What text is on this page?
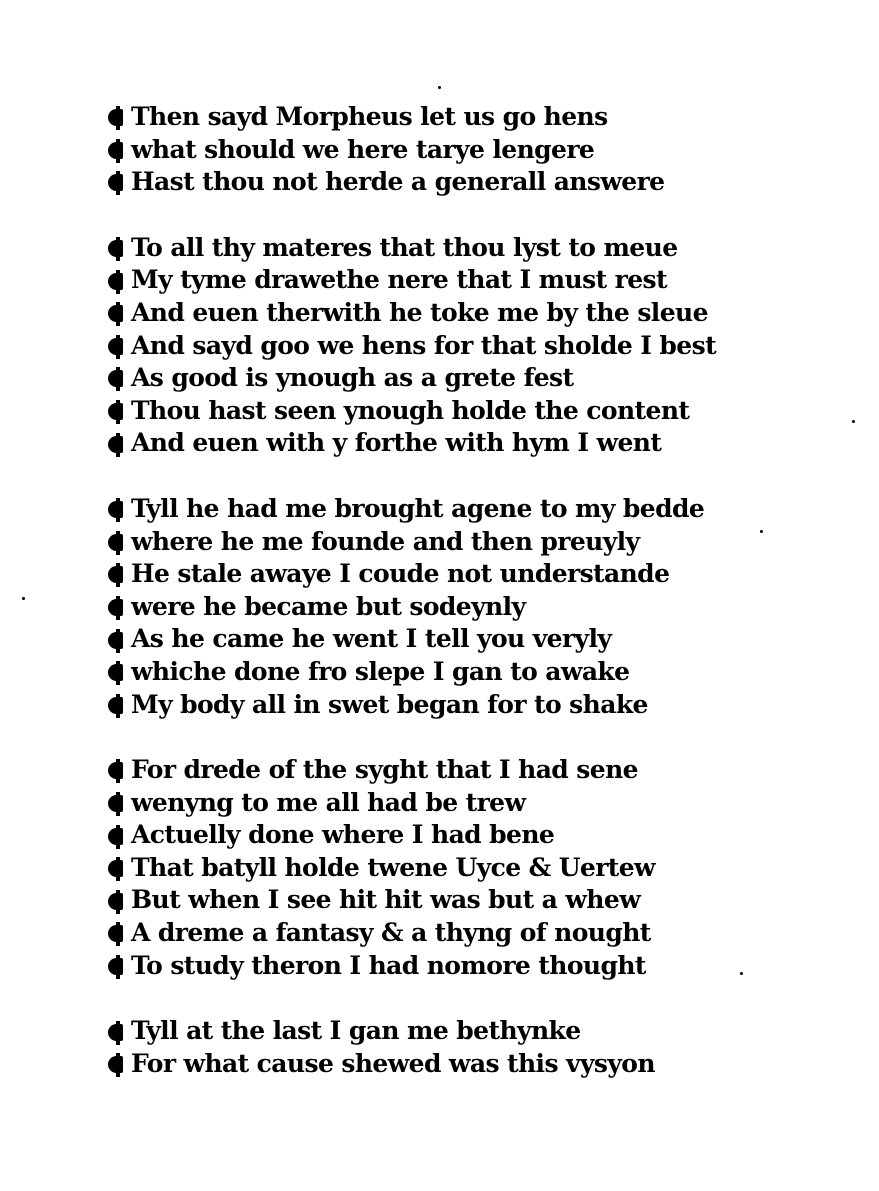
Then sayd Morpheus let us go hens
what should we here tarye lengere
Hast thou not herde a generall answere
To all thy materes that thou lyst to meue
My tyme drawethe nere that I must rest
And euen therwith he toke me by the sleue
And sayd goo we hens for that sholde I best
As good is ynough as a grete fest
Thou hast seen ynough holde the content
And euen with y forthe with hym I went
Tyll he had me brought agene to my bedde
where he me founde and then preuyly
He stale awaye I coude not understande
were he became but sodeynly
As he came he went I tell you veryly
whiche done fro slepe I gan to awake
My body all in swet began for to shake
For drede of the syght that I had sene
wenyng to me all had be trew
Actuelly done where I had bene
That batyll holde twene Uyce & Uertew
But when I see hit hit was but a whew
A dreme a fantasy & a thyng of nought
To study theron I had nomore thought
Tyll at the last I gan me bethynke
For what cause shewed was this vysyon
